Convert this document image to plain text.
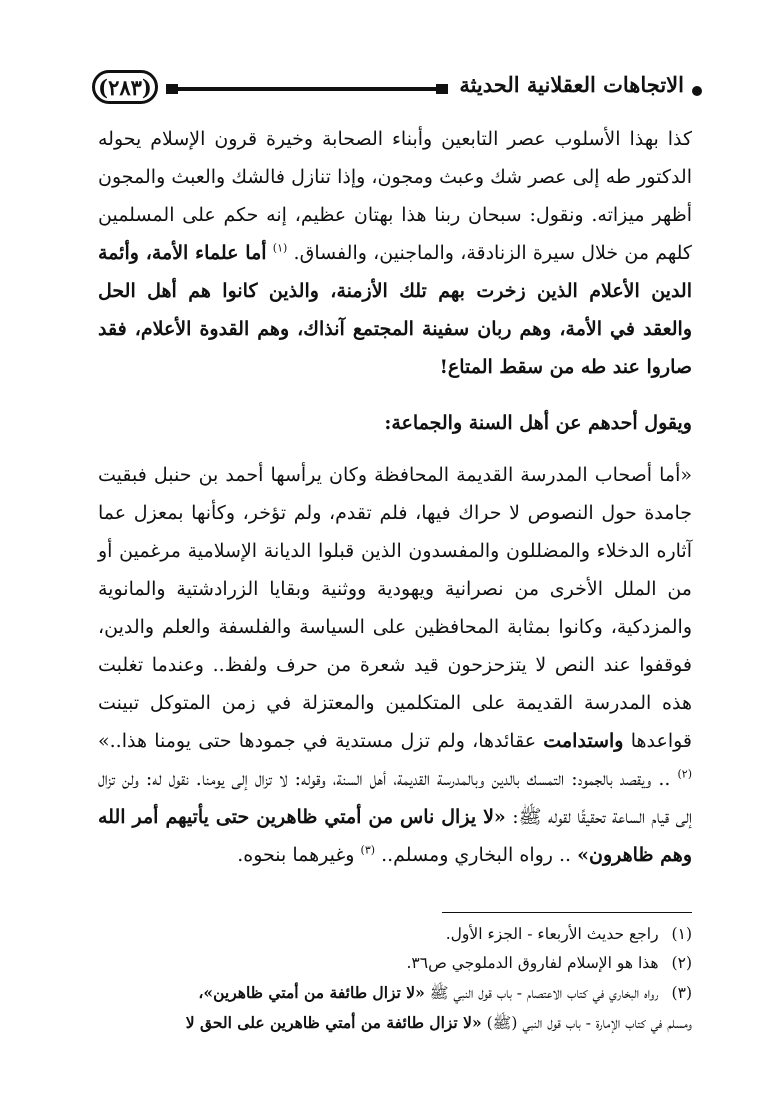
الاتجاهات العقلانية الحديثة
(٢٨٣)

كذا بهذا الأسلوب عصر التابعين وأبناء الصحابة وخيرة قرون الإسلام يحوله الدكتور طه إلى عصر شك وعبث ومجون، وإذا تنازل فالشك والعبث والمجون أظهر ميزاته. ونقول: سبحان ربنا هذا بهتان عظيم، إنه حكم على المسلمين كلهم من خلال سيرة الزنادقة، والماجنين، والفساق. $^{(١)}$ أما علماء الأمة، وأئمة الدين الأعلام الذين زخرت بهم تلك الأزمنة، والذين كانوا هم أهل الحل والعقد في الأمة، وهم ربان سفينة المجتمع آنذاك، وهم القدوة الأعلام، فقد صاروا عند طه من سقط المتاع!

ويقول أحدهم عن أهل السنة والجماعة:

«أما أصحاب المدرسة القديمة المحافظة وكان يرأسها أحمد بن حنبل فبقيت جامدة حول النصوص لا حراك فيها، فلم تقدم، ولم تؤخر، وكأنها بمعزل عما آثاره الدخلاء والمضللون والمفسدون الذين قبلوا الديانة الإسلامية مرغمين أو من الملل الأخرى من نصرانية ويهودية ووثنية وبقايا الزرادشتية والمانوية والمزدكية، وكانوا بمثابة المحافظين على السياسة والفلسفة والعلم والدين، فوقفوا عند النص لا يتزحزحون قيد شعرة من حرف ولفظ.. وعندما تغلبت هذه المدرسة القديمة على المتكلمين والمعتزلة في زمن المتوكل تبينت قواعدها واستدامت عقائدها، ولم تزل مستدية في جمودها حتى يومنا هذا..» $^{(٢)}$ .. ويقصد بالجمود: التمسك بالدين وبالمدرسة القديمة، أهل السنة، وقوله: لا تزال إلى يومنا. نقول له: ولن تزال إلى قيام الساعة تحقيقًا لقوله ﷺ: «لا يزال ناس من أمتي ظاهرين حتى يأتيهم أمر الله وهم ظاهرون» .. رواه البخاري ومسلم.. $^{(٣)}$ وغيرهما بنحوه.

(١) راجع حديث الأربعاء - الجزء الأول.

(٢) هذا هو الإسلام لفاروق الدملوجي ص٣٦.

(٣) رواه البخاري في كتاب الاعتصام - باب قول النبي ﷺ «لا تزال طائفة من أمتي ظاهرين»،

ومسلم في كتاب الإمارة - باب قول النبي (ﷺ) «لا تزال طائفة من أمتي ظاهرين على الحق لا
